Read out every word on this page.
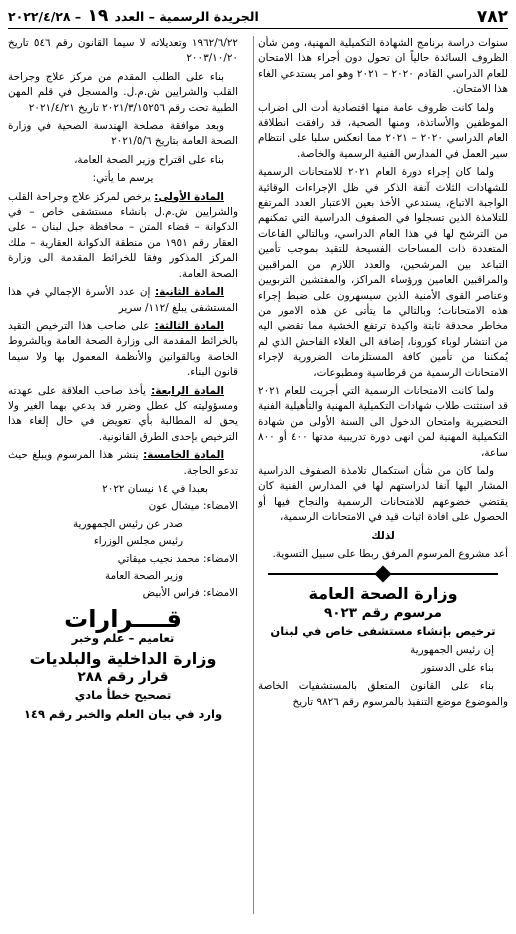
٧٨٢
الجريدة الرسمية – العدد ١٩ – ٢٠٢٢/٤/٢٨

سنوات دراسة برنامج الشهادة التكميلية المهنية، ومن شأن الظروف السائدة حالياً ان تحول دون أجراء هذا الامتحان للعام الدراسي القادم ٢٠٢٠ – ٢٠٢١ وهو امر يستدعي الغاء هذا الامتحان.

ولما كانت ظروف عامة منها اقتصادية أدت الى اضراب الموظفين والأساتذة، ومنها الصحية، قد رافقت انطلاقة العام الدراسي ٢٠٢٠ – ٢٠٢١ مما انعكس سلبا على انتظام سير العمل في المدارس الفنية الرسمية والخاصة.

ولما كان إجراء دورة العام ٢٠٢١ للامتحانات الرسمية للشهادات الثلاث آنفة الذكر في ظل الإجراءات الوقائية الواجبة الاتباع، يستدعي الأخذ بعين الاعتبار العدد المرتفع للتلامذة الذين تسجلوا في الصفوف الدراسية التي تمكنهم من الترشح لها في هذا العام الدراسي، وبالتالي القاعات المتعددة ذات المساحات الفسيحة للتقيد بموجب تأمين التباعد بين المرشحين، والعدد اللازم من المراقبين والمراقبين العامين ورؤساء المراكز، والمفتشين التربويين وعناصر القوى الأمنية الذين سيسهرون على ضبط إجراء هذه الامتحانات؛ وبالتالي ما يتأتى عن هذه الامور من مخاطر محدقة ثابتة واكيدة ترتفع الخشية مما تقضي اليه من انتشار لوباء كورونا، إضافة الى الغلاء الفاحش الذي لم يُمكننا من تأمين كافة المستلزمات الضرورية لإجراء الامتحانات الرسمية من قرطاسية ومطبوعات،

ولما كانت الامتحانات الرسمية التي أجريت للعام ٢٠٢١ قد استثنت طلاب شهادات التكميلية المهنية والتأهيلية الفنية التحضيرية وامتحان الدخول الى السنة الأولى من شهادة التكميلية المهنية لمن انهى دورة تدريبية مدتها ٤٠٠ أو ٨٠٠ ساعة،

ولما كان من شأن استكمال تلامذة الصفوف الدراسية المشار اليها آنفا لدراستهم لها في المدارس الفنية كان يقتضي خضوعهم للامتحانات الرسمية والنجاح فيها أو الحصول على افادة اثبات قيد في الامتحانات الرسمية،

لذلك

أعد مشروع المرسوم المرفق ربطا على سبيل التسوية.

وزارة الصحة العامة
مرسوم رقم ٩٠٢٣
ترخيص بإنشاء مستشفى خاص في لبنان

إن رئيس الجمهورية

بناء على الدستور

بناء على القانون المتعلق بالمستشفيات الخاصة والموضوع موضع التنفيذ بالمرسوم رقم ٩٨٢٦ تاريخ

١٩٦٢/٦/٢٢ وتعديلاته لا سيما القانون رقم ٥٤٦ تاريخ ٢٠٠٣/١٠/٢٠

بناء على الطلب المقدم من مركز علاج وجراحة القلب والشرايين ش.م.ل. والمسجل في قلم المهن الطبية تحت رقم ٢٠٢١/٣/١٥٢٥٦ تاريخ ٢٠٢١/٤/٢١

وبعد موافقة مصلحة الهندسة الصحية في وزارة الصحة العامة بتاريخ ٢٠٢١/٥/٦

بناء على اقتراح وزير الصحة العامة،

يرسم ما يأتي:

المادة الأولى: يرخص لمركز علاج وجراحة القلب والشرايين ش.م.ل بانشاء مستشفى خاص – في الدكوانة – قضاء المتن – محافظة جبل لبنان – على العقار رقم ١٩٥١ من منطقة الدكوانة العقارية – ملك المركز المذكور وفقا للخرائط المقدمة الى وزارة الصحة العامة.

المادة الثانية: إن عدد الأسرة الإجمالي في هذا المستشفى يبلغ /١١٢/ سرير

المادة الثالثة: على صاحب هذا الترخيص التقيد بالخرائط المقدمة الى وزارة الصحة العامة وبالشروط الخاصة وبالقوانين والأنظمة المعمول بها ولا سيما قانون البناء.

المادة الرابعة: يأخذ صاحب العلاقة على عهدته ومسؤوليته كل عطل وضرر قد يدعي بهما الغير ولا يحق له المطالبة بأي تعويض في حال إلغاء هذا الترخيص بإحدى الطرق القانونية.

المادة الخامسة: ينشر هذا المرسوم ويبلغ حيث تدعو الحاجة.

بعبدا في ١٤ نيسان ٢٠٢٢

الامضاء: ميشال عون

صدر عن رئيس الجمهورية

رئيس مجلس الوزراء

الامضاء: محمد نجيب ميقاتي

وزير الصحة العامة

الامضاء: فراس الأبيض

قــــرارات
تعاميم – علم وخبر
وزارة الداخلية والبلديات
قرار رقم ٢٨٨
تصحيح خطأ مادي
وارد في بيان العلم والخبر رقم ١٤٩
